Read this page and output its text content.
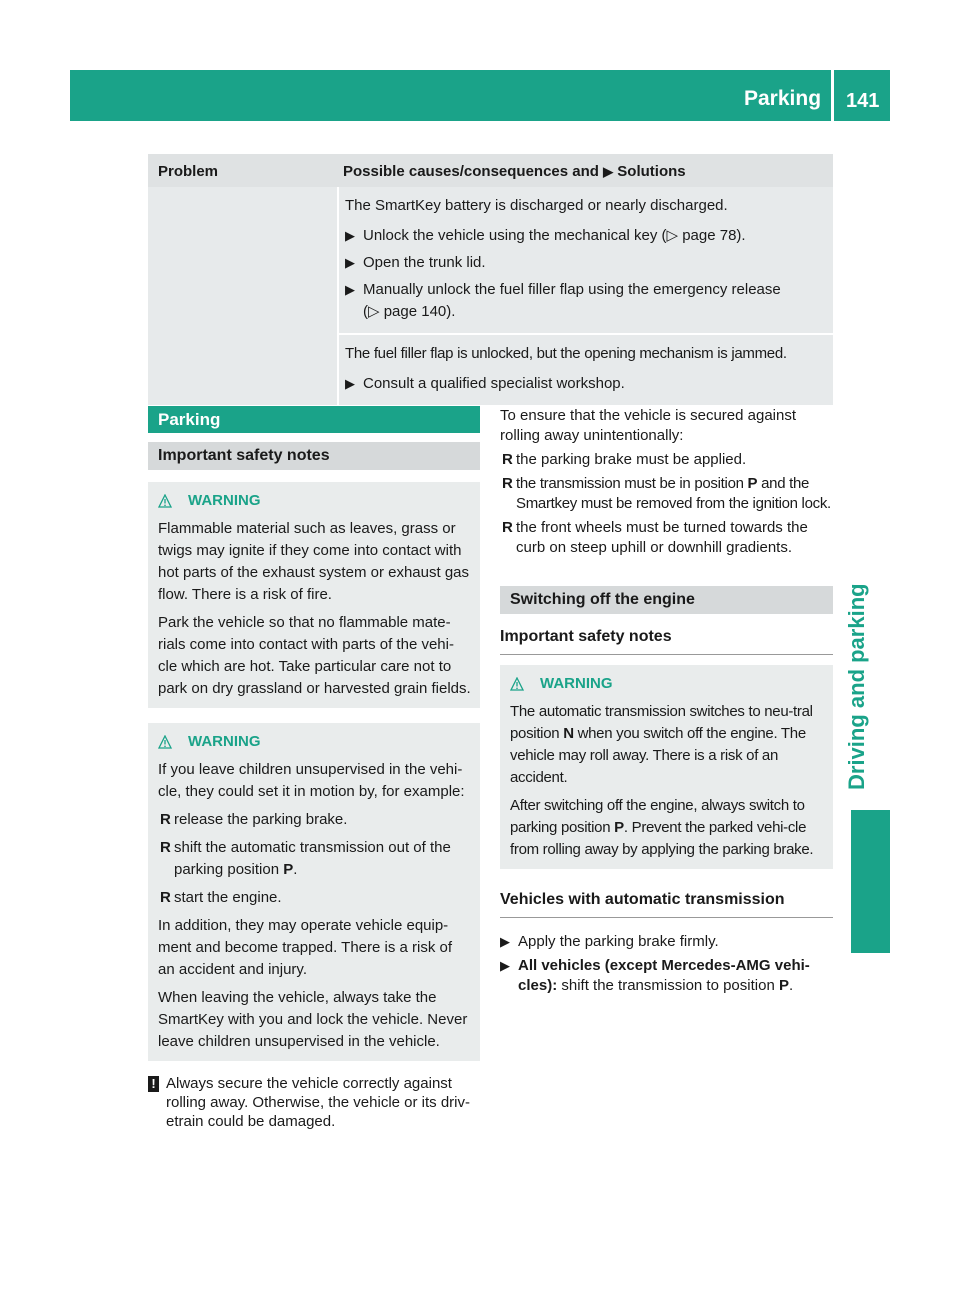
Parking 141
Driving and parking
Problem	Possible causes/consequences and ▶ Solutions

The SmartKey battery is discharged or nearly discharged.

▶ Unlock the vehicle using the mechanical key (▷ page 78).
▶ Open the trunk lid.
▶ Manually unlock the fuel filler flap using the emergency release
(▷ page 140).

The fuel filler flap is unlocked, but the opening mechanism is jammed.

▶ Consult a qualified specialist workshop.
Parking
Important safety notes
WARNING

Flammable material such as leaves, grass or twigs may ignite if they come into contact with hot parts of the exhaust system or exhaust gas flow. There is a risk of fire.

Park the vehicle so that no flammable mate-rials come into contact with parts of the vehi-cle which are hot. Take particular care not to park on dry grassland or harvested grain fields.

WARNING

If you leave children unsupervised in the vehi-cle, they could set it in motion by, for example:

R release the parking brake.
R shift the automatic transmission out of the parking position P.
R start the engine.

In addition, they may operate vehicle equip-ment and become trapped. There is a risk of an accident and injury.

When leaving the vehicle, always take the SmartKey with you and lock the vehicle. Never leave children unsupervised in the vehicle.

! Always secure the vehicle correctly against rolling away. Otherwise, the vehicle or its driv-etrain could be damaged.

To ensure that the vehicle is secured against rolling away unintentionally:

R the parking brake must be applied.
R the transmission must be in position P and the Smartkey must be removed from the ignition lock.
R the front wheels must be turned towards the curb on steep uphill or downhill gradients.
Switching off the engine
Important safety notes
WARNING

The automatic transmission switches to neu-tral position N when you switch off the engine. The vehicle may roll away. There is a risk of an accident.

After switching off the engine, always switch to parking position P. Prevent the parked vehi-cle from rolling away by applying the parking brake.

Vehicles with automatic transmission
▶ Apply the parking brake firmly.
▶ All vehicles (except Mercedes-AMG vehi-cles): shift the transmission to position P.
